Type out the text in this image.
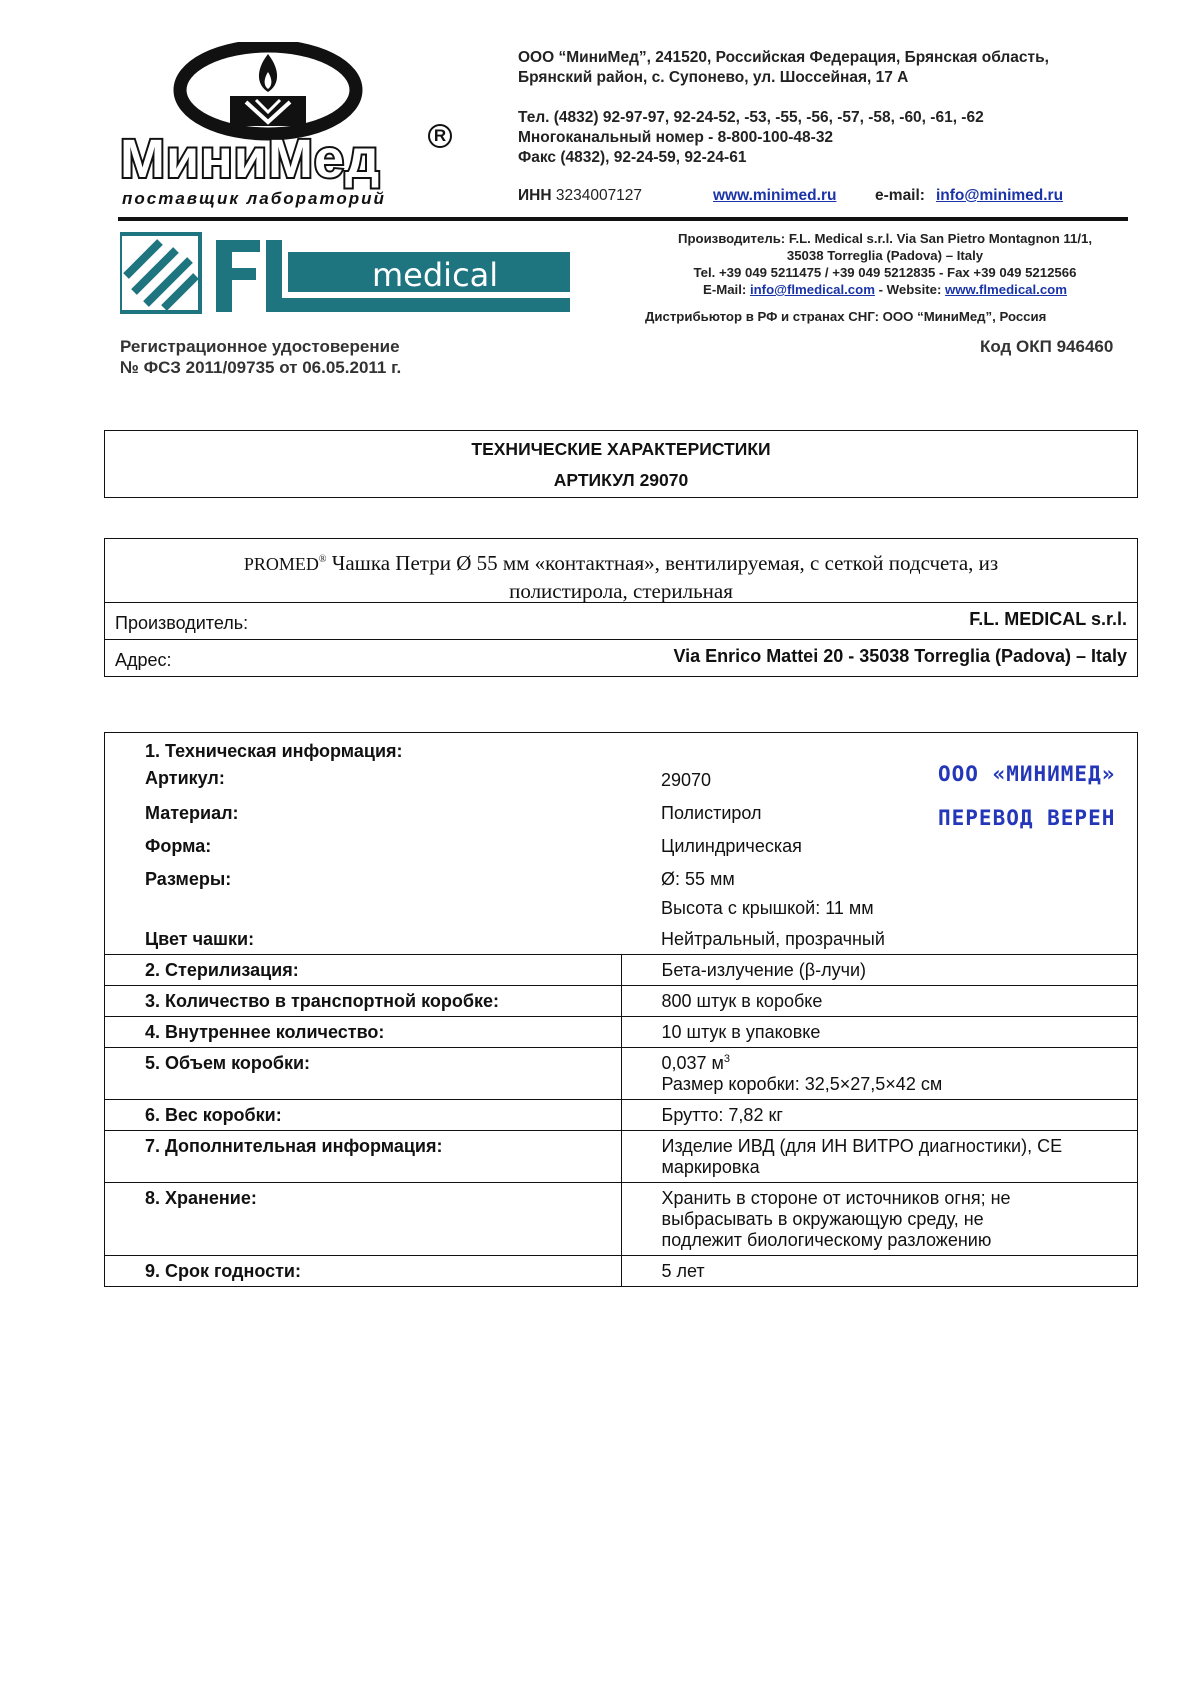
МиниМед	R
поставщик лабораторий
ООО “МиниМед”, 241520, Российская Федерация, Брянская область,
Брянский район, с. Супонево, ул. Шоссейная, 17 А
Тел. (4832) 92-97-97, 92-24-52, -53, -55, -56, -57, -58, -60, -61, -62
Многоканальный номер - 8-800-100-48-32
Факс (4832), 92-24-59, 92-24-61
ИНН 3234007127	www.minimed.ru e-mail: info@minimed.ru
medical
Производитель: F.L. Medical s.r.l. Via San Pietro Montagnon 11/1,
35038 Torreglia (Padova) – Italy
Tel. +39 049 5211475 / +39 049 5212835 - Fax +39 049 5212566
E-Mail: info@flmedical.com - Website: www.flmedical.com
Дистрибьютор в РФ и странах СНГ: ООО “МиниМед”, Россия
Регистрационное удостоверение
№ ФСЗ 2011/09735 от 06.05.2011 г.
Код ОКП 946460
ТЕХНИЧЕСКИЕ ХАРАКТЕРИСТИКИ
АРТИКУЛ 29070
PROMED® Чашка Петри Ø 55 мм «контактная», вентилируемая, с сеткой подсчета, из
полистирола, стерильная
Производитель:	F.L. MEDICAL s.r.l.
Адрес:	Via Enrico Mattei 20 - 35038 Torreglia (Padova) – Italy
1. Техническая информация:	
Артикул:	29070
Материал:	Полистирол
Форма:	Цилиндрическая
Размеры:	Ø: 55 мм
Высота с крышкой: 11 мм

Цвет чашки:	Нейтральный, прозрачный
2. Стерилизация:	Бета-излучение (β-лучи)
3. Количество в транспортной коробке:	800 штук в коробке
4. Внутреннее количество:	10 штук в упаковке
5. Объем коробки:	0,037 $м^3$
Размер коробки: 32,5×27,5×42 см

6. Вес коробки:	Брутто: 7,82 кг
7. Дополнительная информация:	Изделие ИВД (для ИН ВИТРО диагностики), CE
маркировка

8. Хранение:	Хранить в стороне от источников огня; не
выбрасывать в окружающую среду, не
подлежит биологическому разложению

9. Срок годности:	5 лет
ООО «МИНИМЕД»
ПЕРЕВОД ВЕРЕН
